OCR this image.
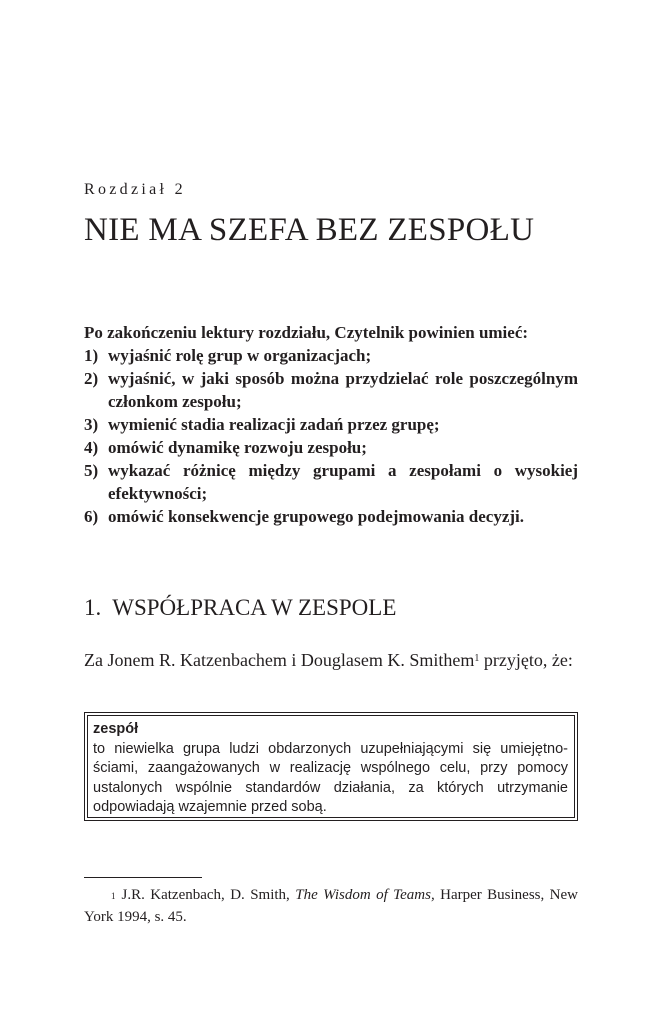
Rozdział 2
NIE MA SZEFA BEZ ZESPOŁU
Po zakończeniu lektury rozdziału, Czytelnik powinien umieć:
1) wyjaśnić rolę grup w organizacjach;
2) wyjaśnić, w jaki sposób można przydzielać role poszczególnym członkom zespołu;
3) wymienić stadia realizacji zadań przez grupę;
4) omówić dynamikę rozwoju zespołu;
5) wykazać różnicę między grupami a zespołami o wysokiej efektywności;
6) omówić konsekwencje grupowego podejmowania decyzji.
1. WSPÓŁPRACA W ZESPOLE

Za Jonem R. Katzenbachem i Douglasem K. Smithem$^1$ przyjęto, że:

zespół
to niewielka grupa ludzi obdarzonych uzupełniającymi się umiejętnościami, zaangażowanych w realizację wspólnego celu, przy pomocy ustalonych wspólnie standardów działania, za których utrzymanie odpowiadają wzajemnie przed sobą.

$^1$ J.R. Katzenbach, D. Smith, The Wisdom of Teams, Harper Business, New York 1994, s. 45.
